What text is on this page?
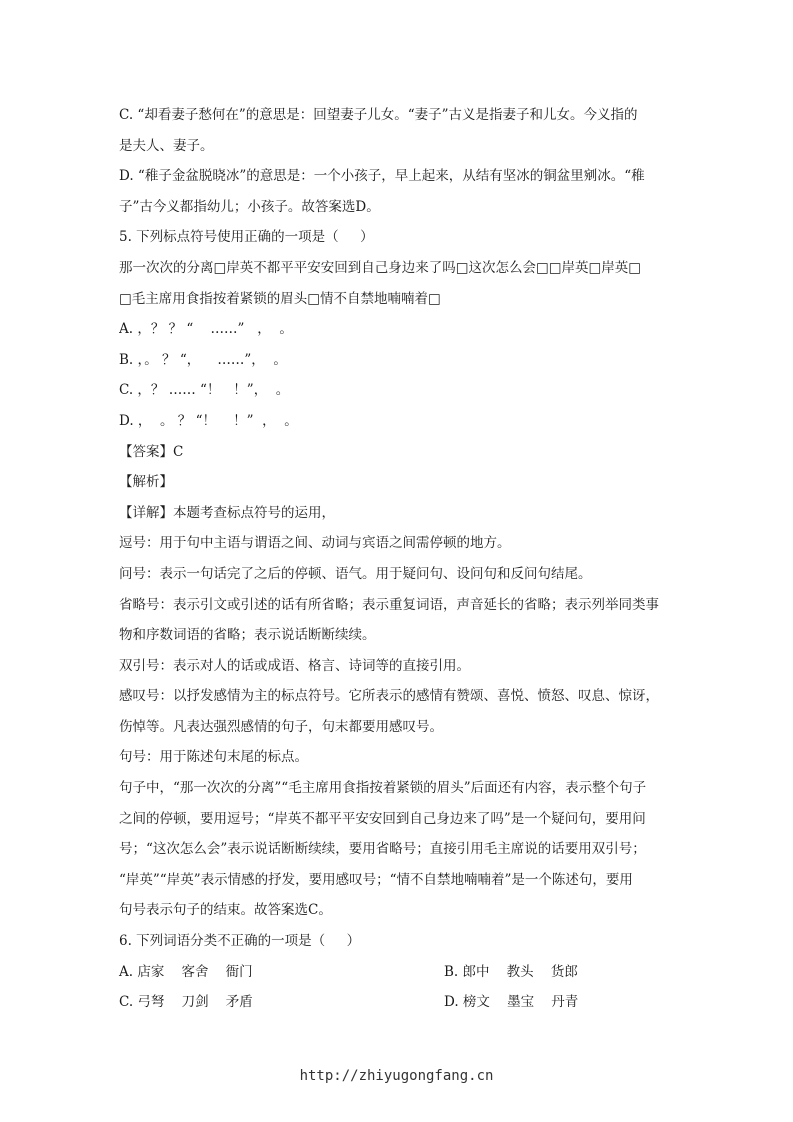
C. “却看妻子愁何在”的意思是：回望妻子儿女。“妻子”古义是指妻子和儿女。今义指的
是夫人、妻子。
D. “稚子金盆脱晓冰”的意思是：一个小孩子，早上起来，从结有坚冰的铜盆里剜冰。“稚
子”古今义都指幼儿；小孩子。故答案选D。
5. 下列标点符号使用正确的一项是（     ）
那一次次的分离□岸英不都平平安安回到自己身边来了吗□这次怎么会□□岸英□岸英□
□毛主席用食指按着紧锁的眉头□情不自禁地喃喃着□
A. ，？ ？ “    ……”   ，  。
B. ，。 ？ “，    ……”，  。
C. ，？ …… “！   ！”，  。
D. ，  。 ？ “！    ！”  ，  。
【答案】C
【解析】
【详解】本题考查标点符号的运用，
逗号：用于句中主语与谓语之间、动词与宾语之间需停顿的地方。
问号：表示一句话完了之后的停顿、语气。用于疑问句、设问句和反问句结尾。
省略号：表示引文或引述的话有所省略；表示重复词语，声音延长的省略；表示列举同类事
物和序数词语的省略；表示说话断断续续。
双引号：表示对人的话或成语、格言、诗词等的直接引用。
感叹号：以抒发感情为主的标点符号。它所表示的感情有赞颂、喜悦、愤怒、叹息、惊讶，
伤悼等。凡表达强烈感情的句子，句末都要用感叹号。
句号：用于陈述句末尾的标点。
句子中，“那一次次的分离”“毛主席用食指按着紧锁的眉头”后面还有内容，表示整个句子
之间的停顿，要用逗号；“岸英不都平平安安回到自己身边来了吗”是一个疑问句，要用问
号；“这次怎么会”表示说话断断续续，要用省略号；直接引用毛主席说的话要用双引号；
“岸英”“岸英”表示情感的抒发，要用感叹号；“情不自禁地喃喃着”是一个陈述句，要用
句号表示句子的结束。故答案选C。
6. 下列词语分类不正确的一项是（     ）

A. 店家    客舍    衙门

	B. 郎中    教头    货郎

C. 弓弩    刀剑    矛盾

	D. 榜文    墨宝    丹青

http://zhiyugongfang.cn
